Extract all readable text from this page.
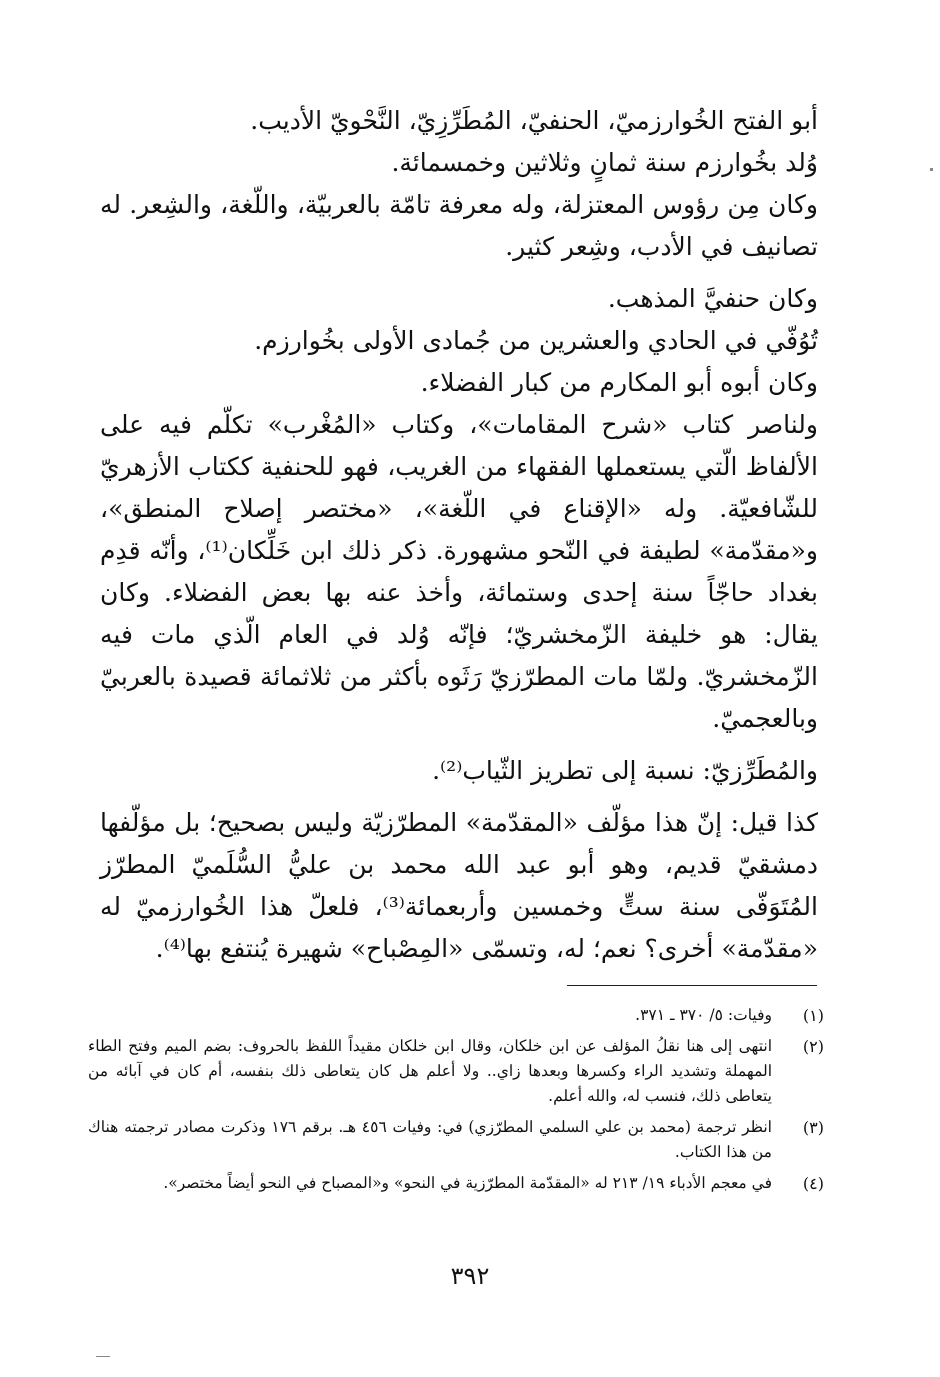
أبو الفتح الخُوارزميّ، الحنفيّ، المُطَرِّزِيّ، النَّحْويّ الأديب.

وُلد بخُوارزم سنة ثمانٍ وثلاثين وخمسمائة.

وكان مِن رؤوس المعتزلة، وله معرفة تامّة بالعربيّة، واللّغة، والشِعر. له تصانيف في الأدب، وشِعر كثير.

وكان حنفيَّ المذهب.

تُوُفّي في الحادي والعشرين من جُمادى الأولى بخُوارزم.

وكان أبوه أبو المكارم من كبار الفضلاء.

ولناصر كتاب «شرح المقامات»، وكتاب «المُغْرب» تكلّم فيه على الألفاظ الّتي يستعملها الفقهاء من الغريب، فهو للحنفية ككتاب الأزهريّ للشّافعيّة. وله «الإقناع في اللّغة»، «مختصر إصلاح المنطق»، و«مقدّمة» لطيفة في النّحو مشهورة. ذكر ذلك ابن خَلِّكان⁽¹⁾، وأنّه قدِم بغداد حاجّاً سنة إحدى وستمائة، وأخذ عنه بها بعض الفضلاء. وكان يقال: هو خليفة الزّمخشريّ؛ فإنّه وُلد في العام الّذي مات فيه الزّمخشريّ. ولمّا مات المطرّزيّ رَثَوه بأكثر من ثلاثمائة قصيدة بالعربيّ وبالعجميّ.

والمُطَرِّزيّ: نسبة إلى تطريز الثّياب⁽²⁾.

كذا قيل: إنّ هذا مؤلّف «المقدّمة» المطرّزيّة وليس بصحيح؛ بل مؤلّفها دمشقيّ قديم، وهو أبو عبد الله محمد بن عليُّ السُّلَميّ المطرّز المُتَوَفّى سنة ستٍّ وخمسين وأربعمائة⁽³⁾، فلعلّ هذا الخُوارزميّ له «مقدّمة» أخرى؟ نعم؛ له، وتسمّى «المِصْباح» شهيرة يُنتفع بها⁽⁴⁾.

(١)
وفيات: ٥/ ٣٧٠ ـ ٣٧١.
(٢)
انتهى إلى هنا نقلُ المؤلف عن ابن خلكان، وقال ابن خلكان مقيداً اللفظ بالحروف: بضم الميم وفتح الطاء المهملة وتشديد الراء وكسرها وبعدها زاي.. ولا أعلم هل كان يتعاطى ذلك بنفسه، أم كان في آبائه من يتعاطى ذلك، فنسب له، والله أعلم.
(٣)
انظر ترجمة (محمد بن علي السلمي المطرّزي) في: وفيات ٤٥٦ هـ. برقم ١٧٦ وذكرت مصادر ترجمته هناك من هذا الكتاب.
(٤)
في معجم الأدباء ١٩/ ٢١٣ له «المقدّمة المطرّزية في النحو» و«المصباح في النحو أيضاً مختصر».
٣٩٢
